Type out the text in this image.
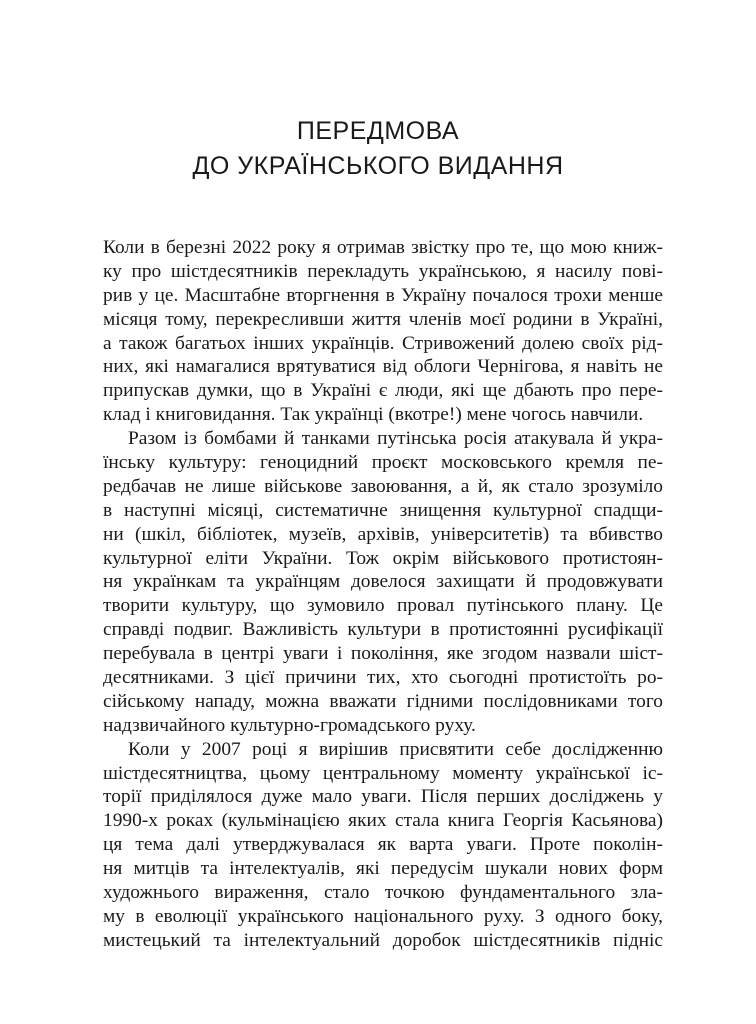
ПЕРЕДМОВА
ДО УКРАЇНСЬКОГО ВИДАННЯ
Коли в березні 2022 року я отримав звістку про те, що мою книж-
ку про шістдесятників перекладуть українською, я насилу пові-
рив у це. Масштабне вторгнення в Україну почалося трохи менше
місяця тому, перекресливши життя членів моєї родини в Україні,
а також багатьох інших українців. Стривожений долею своїх рід-
них, які намагалися врятуватися від облоги Чернігова, я навіть не
припускав думки, що в Україні є люди, які ще дбають про пере-
клад і книговидання. Так українці (вкотре!) мене чогось навчили.
Разом із бомбами й танками путінська росія атакувала й укра-
їнську культуру: геноцидний проєкт московського кремля пе-
редбачав не лише військове завоювання, а й, як стало зрозуміло
в наступні місяці, систематичне знищення культурної спадщи-
ни (шкіл, бібліотек, музеїв, архівів, університетів) та вбивство
культурної еліти України. Тож окрім військового протистоян-
ня українкам та українцям довелося захищати й продовжувати
творити культуру, що зумовило провал путінського плану. Це
справді подвиг. Важливість культури в протистоянні русифікації
перебувала в центрі уваги і покоління, яке згодом назвали шіст-
десятниками. З цієї причини тих, хто сьогодні протистоїть ро-
сійському нападу, можна вважати гідними послідовниками того
надзвичайного культурно-громадського руху.
Коли у 2007 році я вирішив присвятити себе дослідженню
шістдесятництва, цьому центральному моменту української іс-
торії приділялося дуже мало уваги. Після перших досліджень у
1990-х роках (кульмінацією яких стала книга Георгія Касьянова)
ця тема далі утверджувалася як варта уваги. Проте поколін-
ня митців та інтелектуалів, які передусім шукали нових форм
художнього вираження, стало точкою фундаментального зла-
му в еволюції українського національного руху. З одного боку,
мистецький та інтелектуальний доробок шістдесятників підніс
